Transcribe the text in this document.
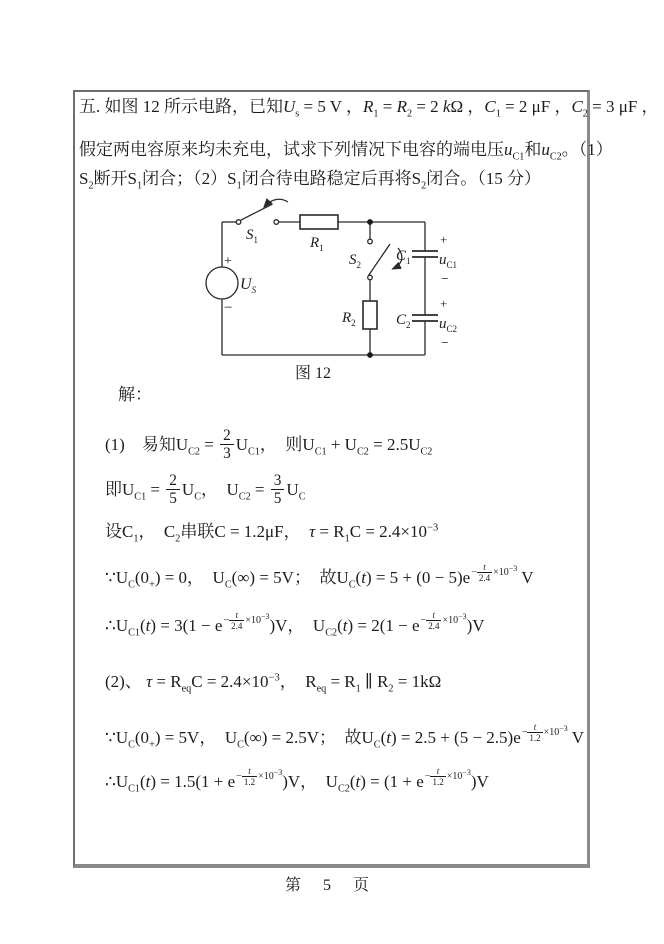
五. 如图 12 所示电路，已知$U_s = 5$ V ，$R_1 = R_2 = 2$ kΩ ，$C_1 = 2$ μF ，$C_2 = 3$ μF ，
假定两电容原来均未充电，试求下列情况下电容的端电压$u_{C1}$和$u_{C2}$。（1）
$S_2$断开$S_1$闭合；$(2)S_1$闭合待电路稳定后再将$S_2$闭合。（15 分）
$S_1$	$R_1$
$S_2$
$R_2$
+
$U_S$
−
$C_1$
+
$u_{C1}$
−
$C_2$
+
$u_{C2}$
−
图 12
解：
(1)　易知$U_{C2} = \frac{2}{3} U_{C1}$，  则$U_{C1} + U_{C2} = 2.5U_{C2}$
即$U_{C1} = \frac{2}{5} U_C$，  $U_{C2} = \frac{3}{5} U_C$
设$C_1$，  $C_2$串联C = 1.2μF，  $\tau = R_1C = 2.4\times 10^{-3}$
$\because U_C(0_+) = 0$，  $U_C(\infty) = 5V$；  故$U_C(t) = 5 + (0 - 5)e^{- \frac{t}{2.4} \times 10^{-3}}$ V
$\therefore U_{C1}(t) = 3(1 - e^{- \frac{t}{2.4} \times 10^{-3}})V$，  $U_{C2}(t) = 2(1 - e^{- \frac{t}{2.4} \times 10^{-3}})V$
(2)、 $\tau = R_{eq}C = 2.4\times 10^{-3}$，  $R_{eq} = R_1$ ∥ $R_2 = 1k\Omega$
$\because U_C(0_+) = 5V$，  $U_C(\infty) = 2.5V$；  故$U_C(t) = 2.5 + (5 - 2.5)e^{- \frac{t}{1.2} \times 10^{-3}}$ V
$\therefore U_{C1}(t) = 1.5(1 + e^{- \frac{t}{1.2} \times 10^{-3}})V$，  $U_{C2}(t) = (1 + e^{- \frac{t}{1.2} \times 10^{-3}})V$
第 5 页
